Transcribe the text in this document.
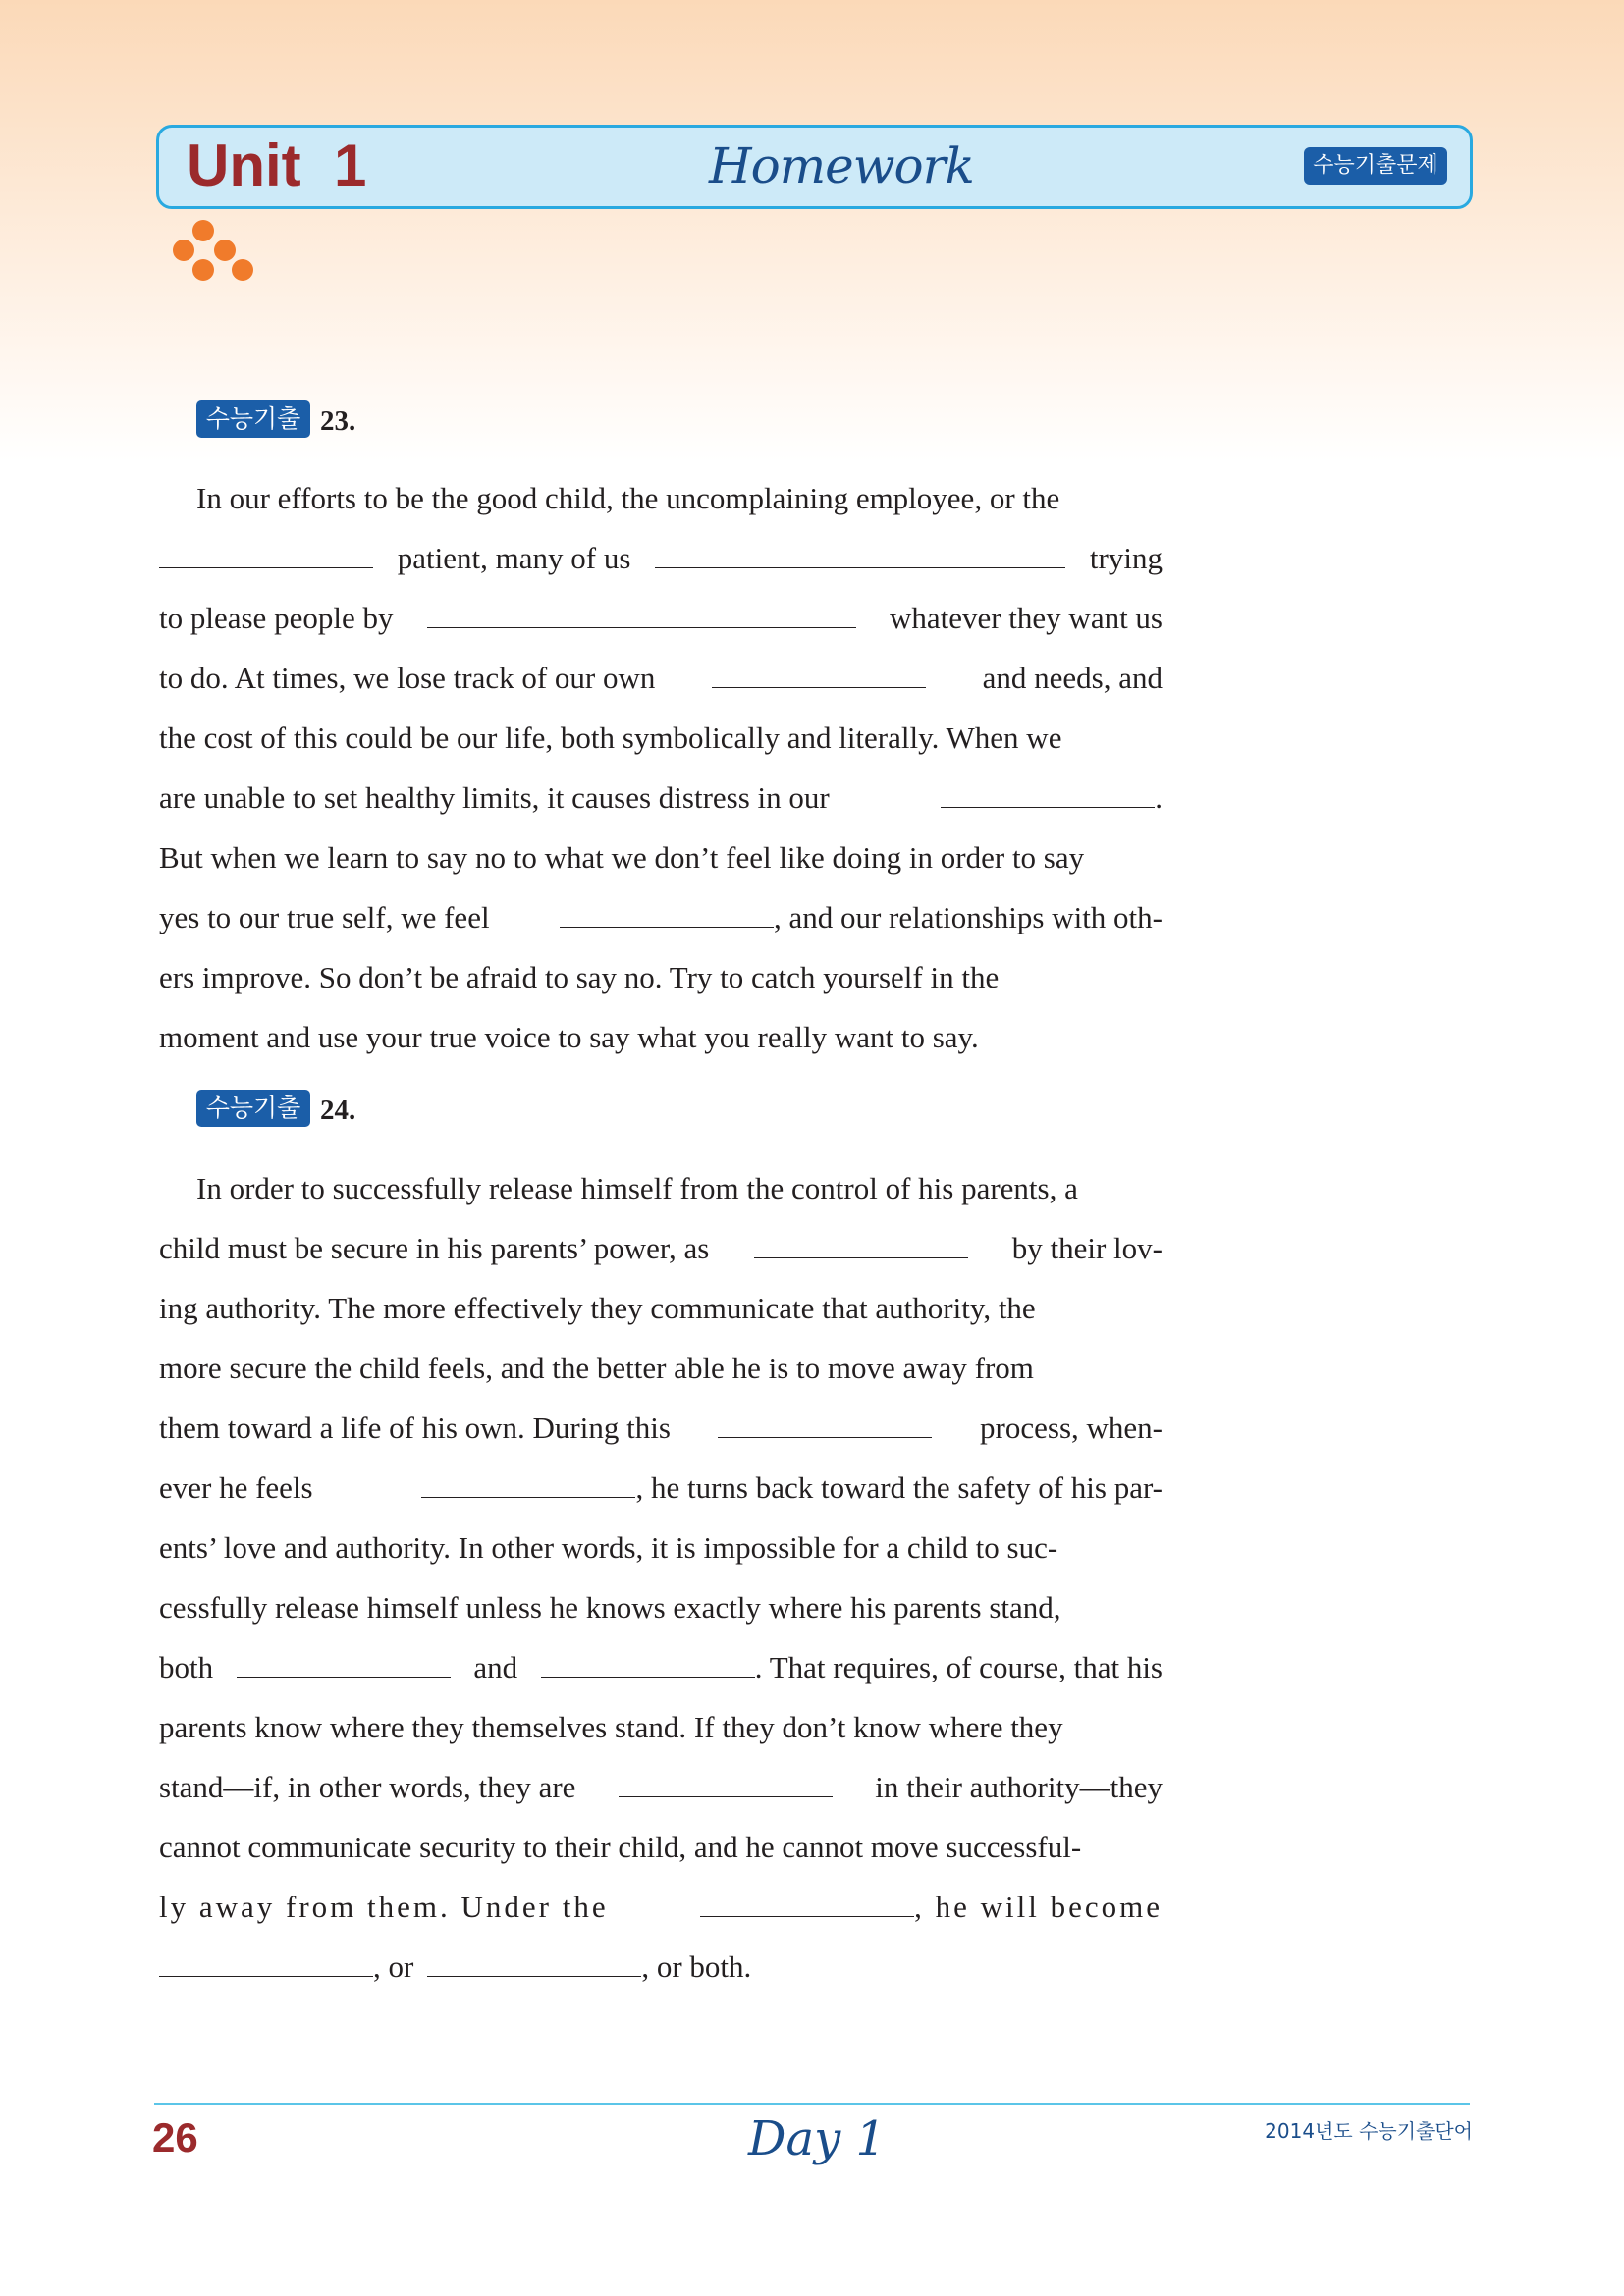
Unit  1	Homework	수능기출문제
수능기출 23.
In our efforts to be the good child, the uncomplaining employee, or the
patient, many of us	trying
to please people by	whatever they want us
to do. At times, we lose track of our own	and needs, and
the cost of this could be our life, both symbolically and literally. When we
are unable to set healthy limits, it causes distress in our	.
But when we learn to say no to what we don’t feel like doing in order to say
yes to our true self, we feel	, and our relationships with oth-
ers improve. So don’t be afraid to say no. Try to catch yourself in the
moment and use your true voice to say what you really want to say.
수능기출 24.
In order to successfully release himself from the control of his parents, a
child must be secure in his parents’ power, as	by their lov-
ing authority. The more effectively they communicate that authority, the
more secure the child feels, and the better able he is to move away from
them toward a life of his own. During this	process, when-
ever he feels	, he turns back toward the safety of his par-
ents’ love and authority. In other words, it is impossible for a child to suc-
cessfully release himself unless he knows exactly where his parents stand,
both	and	. That requires, of course, that his
parents know where they themselves stand. If they don’t know where they
stand—if, in other words, they are	in their authority—they
cannot communicate security to their child, and he cannot move successful-
ly away from them. Under the	, he will become
, or	, or both.

26	Day 1	2014년도 수능기출단어
